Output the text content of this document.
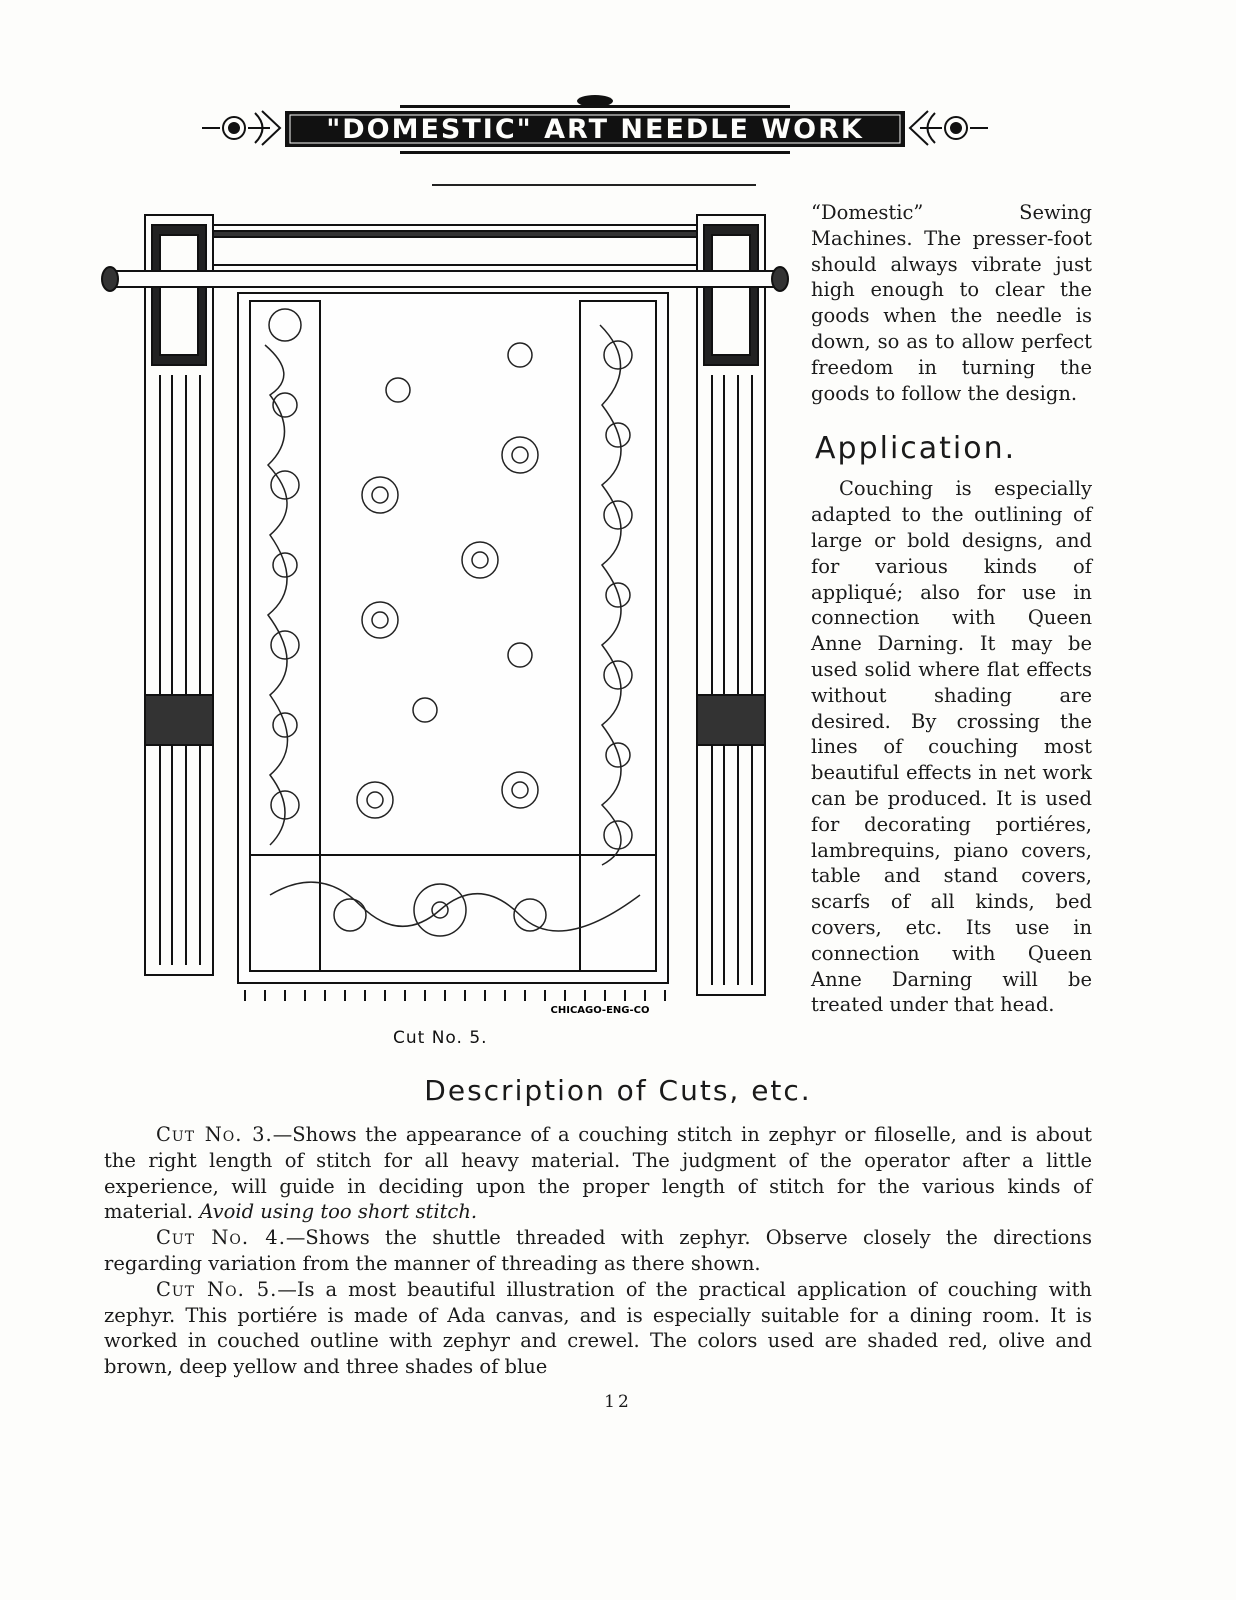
"DOMESTIC" ART NEEDLE WORK
CHICAGO-ENG-CO
Cut No. 5.

“Domestic” Sewing Machines. The presser-foot should always vibrate just high enough to clear the goods when the needle is down, so as to allow perfect freedom in turning the goods to follow the design.

Application.

Couching is especially adapted to the outlining of large or bold designs, and for various kinds of appliqué; also for use in connection with Queen Anne Darning. It may be used solid where flat effects without shading are desired. By crossing the lines of couching most beautiful effects in net work can be produced. It is used for decorating portiéres, lambrequins, piano covers, table and stand covers, scarfs of all kinds, bed covers, etc. Its use in connection with Queen Anne Darning will be treated under that head.

Description of Cuts, etc.

Cut No. 3.—Shows the appearance of a couching stitch in zephyr or filoselle, and is about the right length of stitch for all heavy material. The judgment of the operator after a little experience, will guide in deciding upon the proper length of stitch for the various kinds of material. Avoid using too short stitch.

Cut No. 4.—Shows the shuttle threaded with zephyr. Observe closely the directions regarding variation from the manner of threading as there shown.

Cut No. 5.—Is a most beautiful illustration of the practical application of couching with zephyr. This portiére is made of Ada canvas, and is especially suitable for a dining room. It is worked in couched outline with zephyr and crewel. The colors used are shaded red, olive and brown, deep yellow and three shades of blue

12
